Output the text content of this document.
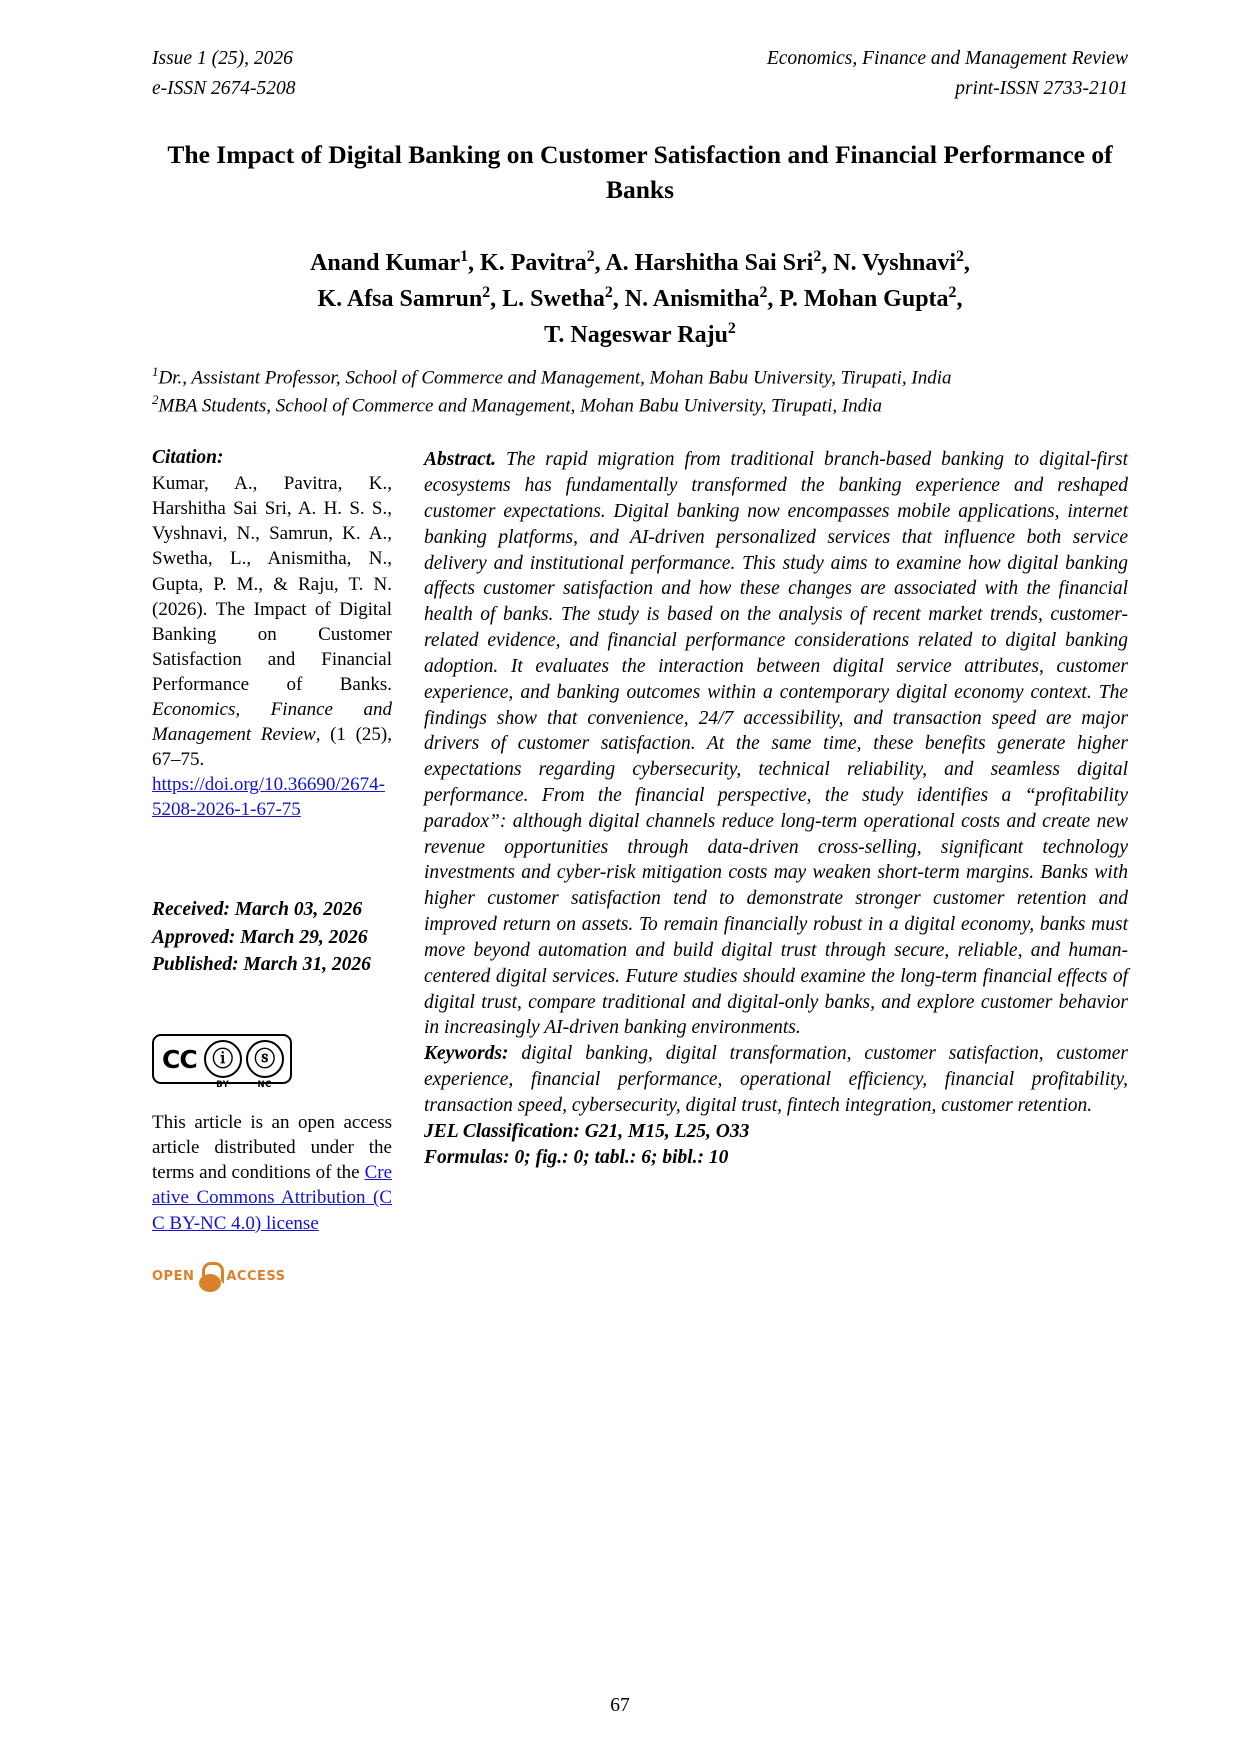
Issue 1 (25), 2026	Economics, Finance and Management Review
e-ISSN 2674-5208	print-ISSN 2733-2101
The Impact of Digital Banking on Customer Satisfaction and Financial Performance of Banks
Anand Kumar$^1$, K. Pavitra$^2$, A. Harshitha Sai Sri$^2$, N. Vyshnavi$^2$,
K. Afsa Samrun$^2$, L. Swetha$^2$, N. Anismitha$^2$, P. Mohan Gupta$^2$,
T. Nageswar Raju$^2$
$^1$Dr., Assistant Professor, School of Commerce and Management, Mohan Babu University, Tirupati, India
$^2$MBA Students, School of Commerce and Management, Mohan Babu University, Tirupati, India
Citation:
Kumar, A., Pavitra, K., Harshitha Sai Sri, A. H. S. S., Vyshnavi, N., Samrun, K. A., Swetha, L., Anismitha, N., Gupta, P. M., & Raju, T. N. (2026). The Impact of Digital Banking on Customer Satisfaction and Financial Performance of Banks. Economics, Finance and Management Review, (1 (25), 67–75.
https://doi.org/10.36690/2674-5208-2026-1-67-75
Received: March 03, 2026
Approved: March 29, 2026
Published: March 31, 2026
CC ⓘ
BY
ⓢ
NC
This article is an open access article distributed under the terms and conditions of the Creative Commons Attribution (CC BY-NC 4.0) license
OPEN ACCESS

Abstract. The rapid migration from traditional branch-based banking to digital-first ecosystems has fundamentally transformed the banking experience and reshaped customer expectations. Digital banking now encompasses mobile applications, internet banking platforms, and AI-driven personalized services that influence both service delivery and institutional performance. This study aims to examine how digital banking affects customer satisfaction and how these changes are associated with the financial health of banks. The study is based on the analysis of recent market trends, customer-related evidence, and financial performance considerations related to digital banking adoption. It evaluates the interaction between digital service attributes, customer experience, and banking outcomes within a contemporary digital economy context. The findings show that convenience, 24/7 accessibility, and transaction speed are major drivers of customer satisfaction. At the same time, these benefits generate higher expectations regarding cybersecurity, technical reliability, and seamless digital performance. From the financial perspective, the study identifies a “profitability paradox”: although digital channels reduce long-term operational costs and create new revenue opportunities through data-driven cross-selling, significant technology investments and cyber-risk mitigation costs may weaken short-term margins. Banks with higher customer satisfaction tend to demonstrate stronger customer retention and improved return on assets. To remain financially robust in a digital economy, banks must move beyond automation and build digital trust through secure, reliable, and human-centered digital services. Future studies should examine the long-term financial effects of digital trust, compare traditional and digital-only banks, and explore customer behavior in increasingly AI-driven banking environments.

Keywords: digital banking, digital transformation, customer satisfaction, customer experience, financial performance, operational efficiency, financial profitability, transaction speed, cybersecurity, digital trust, fintech integration, customer retention.

JEL Classification: G21, M15, L25, O33

Formulas: 0; fig.: 0; tabl.: 6; bibl.: 10

67
